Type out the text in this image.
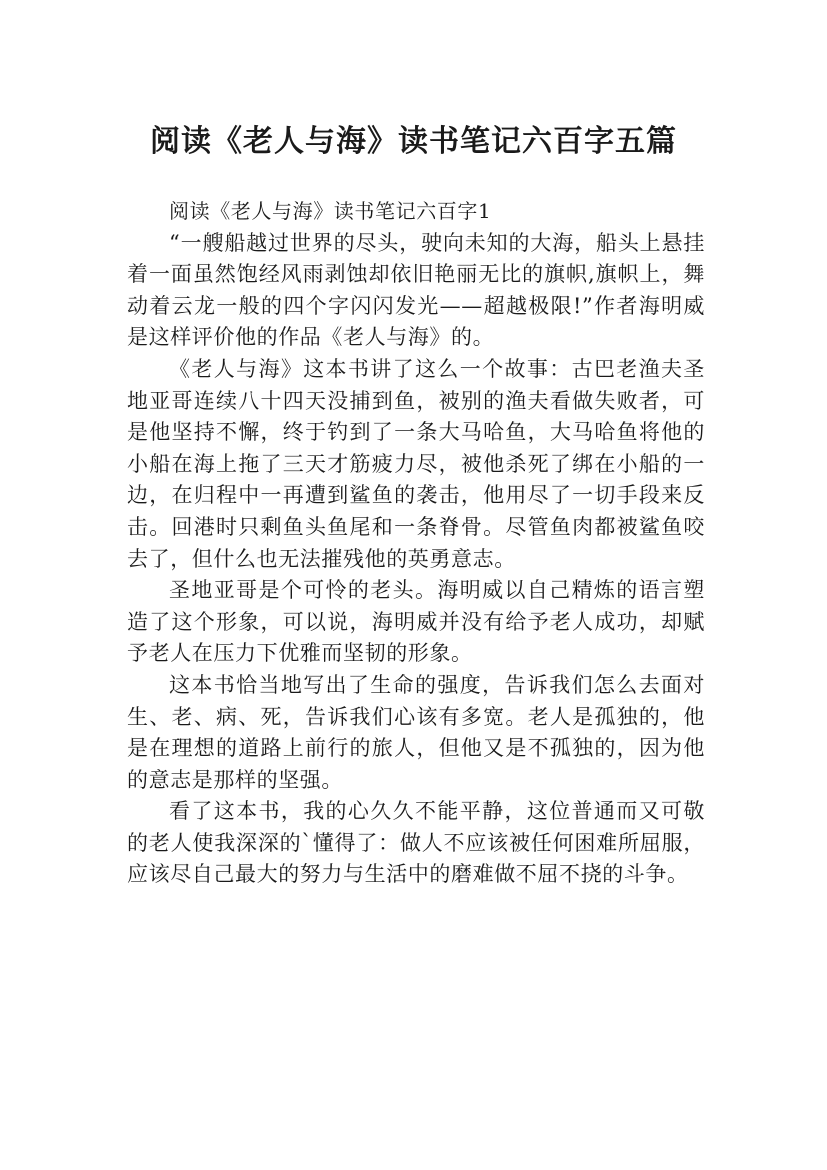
阅读《老人与海》读书笔记六百字五篇

阅读《老人与海》读书笔记六百字1

“一艘船越过世界的尽头，驶向未知的大海，船头上悬挂着一面虽然饱经风雨剥蚀却依旧艳丽无比的旗帜,旗帜上，舞动着云龙一般的四个字闪闪发光——超越极限!”作者海明威是这样评价他的作品《老人与海》的。

《老人与海》这本书讲了这么一个故事：古巴老渔夫圣地亚哥连续八十四天没捕到鱼，被别的渔夫看做失败者，可是他坚持不懈，终于钓到了一条大马哈鱼，大马哈鱼将他的小船在海上拖了三天才筋疲力尽，被他杀死了绑在小船的一边，在归程中一再遭到鲨鱼的袭击，他用尽了一切手段来反击。回港时只剩鱼头鱼尾和一条脊骨。尽管鱼肉都被鲨鱼咬去了，但什么也无法摧残他的英勇意志。

圣地亚哥是个可怜的老头。海明威以自己精炼的语言塑造了这个形象，可以说，海明威并没有给予老人成功，却赋予老人在压力下优雅而坚韧的形象。

这本书恰当地写出了生命的强度，告诉我们怎么去面对生、老、病、死，告诉我们心该有多宽。老人是孤独的，他是在理想的道路上前行的旅人，但他又是不孤独的，因为他的意志是那样的坚强。

看了这本书，我的心久久不能平静，这位普通而又可敬的老人使我深深的`懂得了：做人不应该被任何困难所屈服，应该尽自己最大的努力与生活中的磨难做不屈不挠的斗争。
